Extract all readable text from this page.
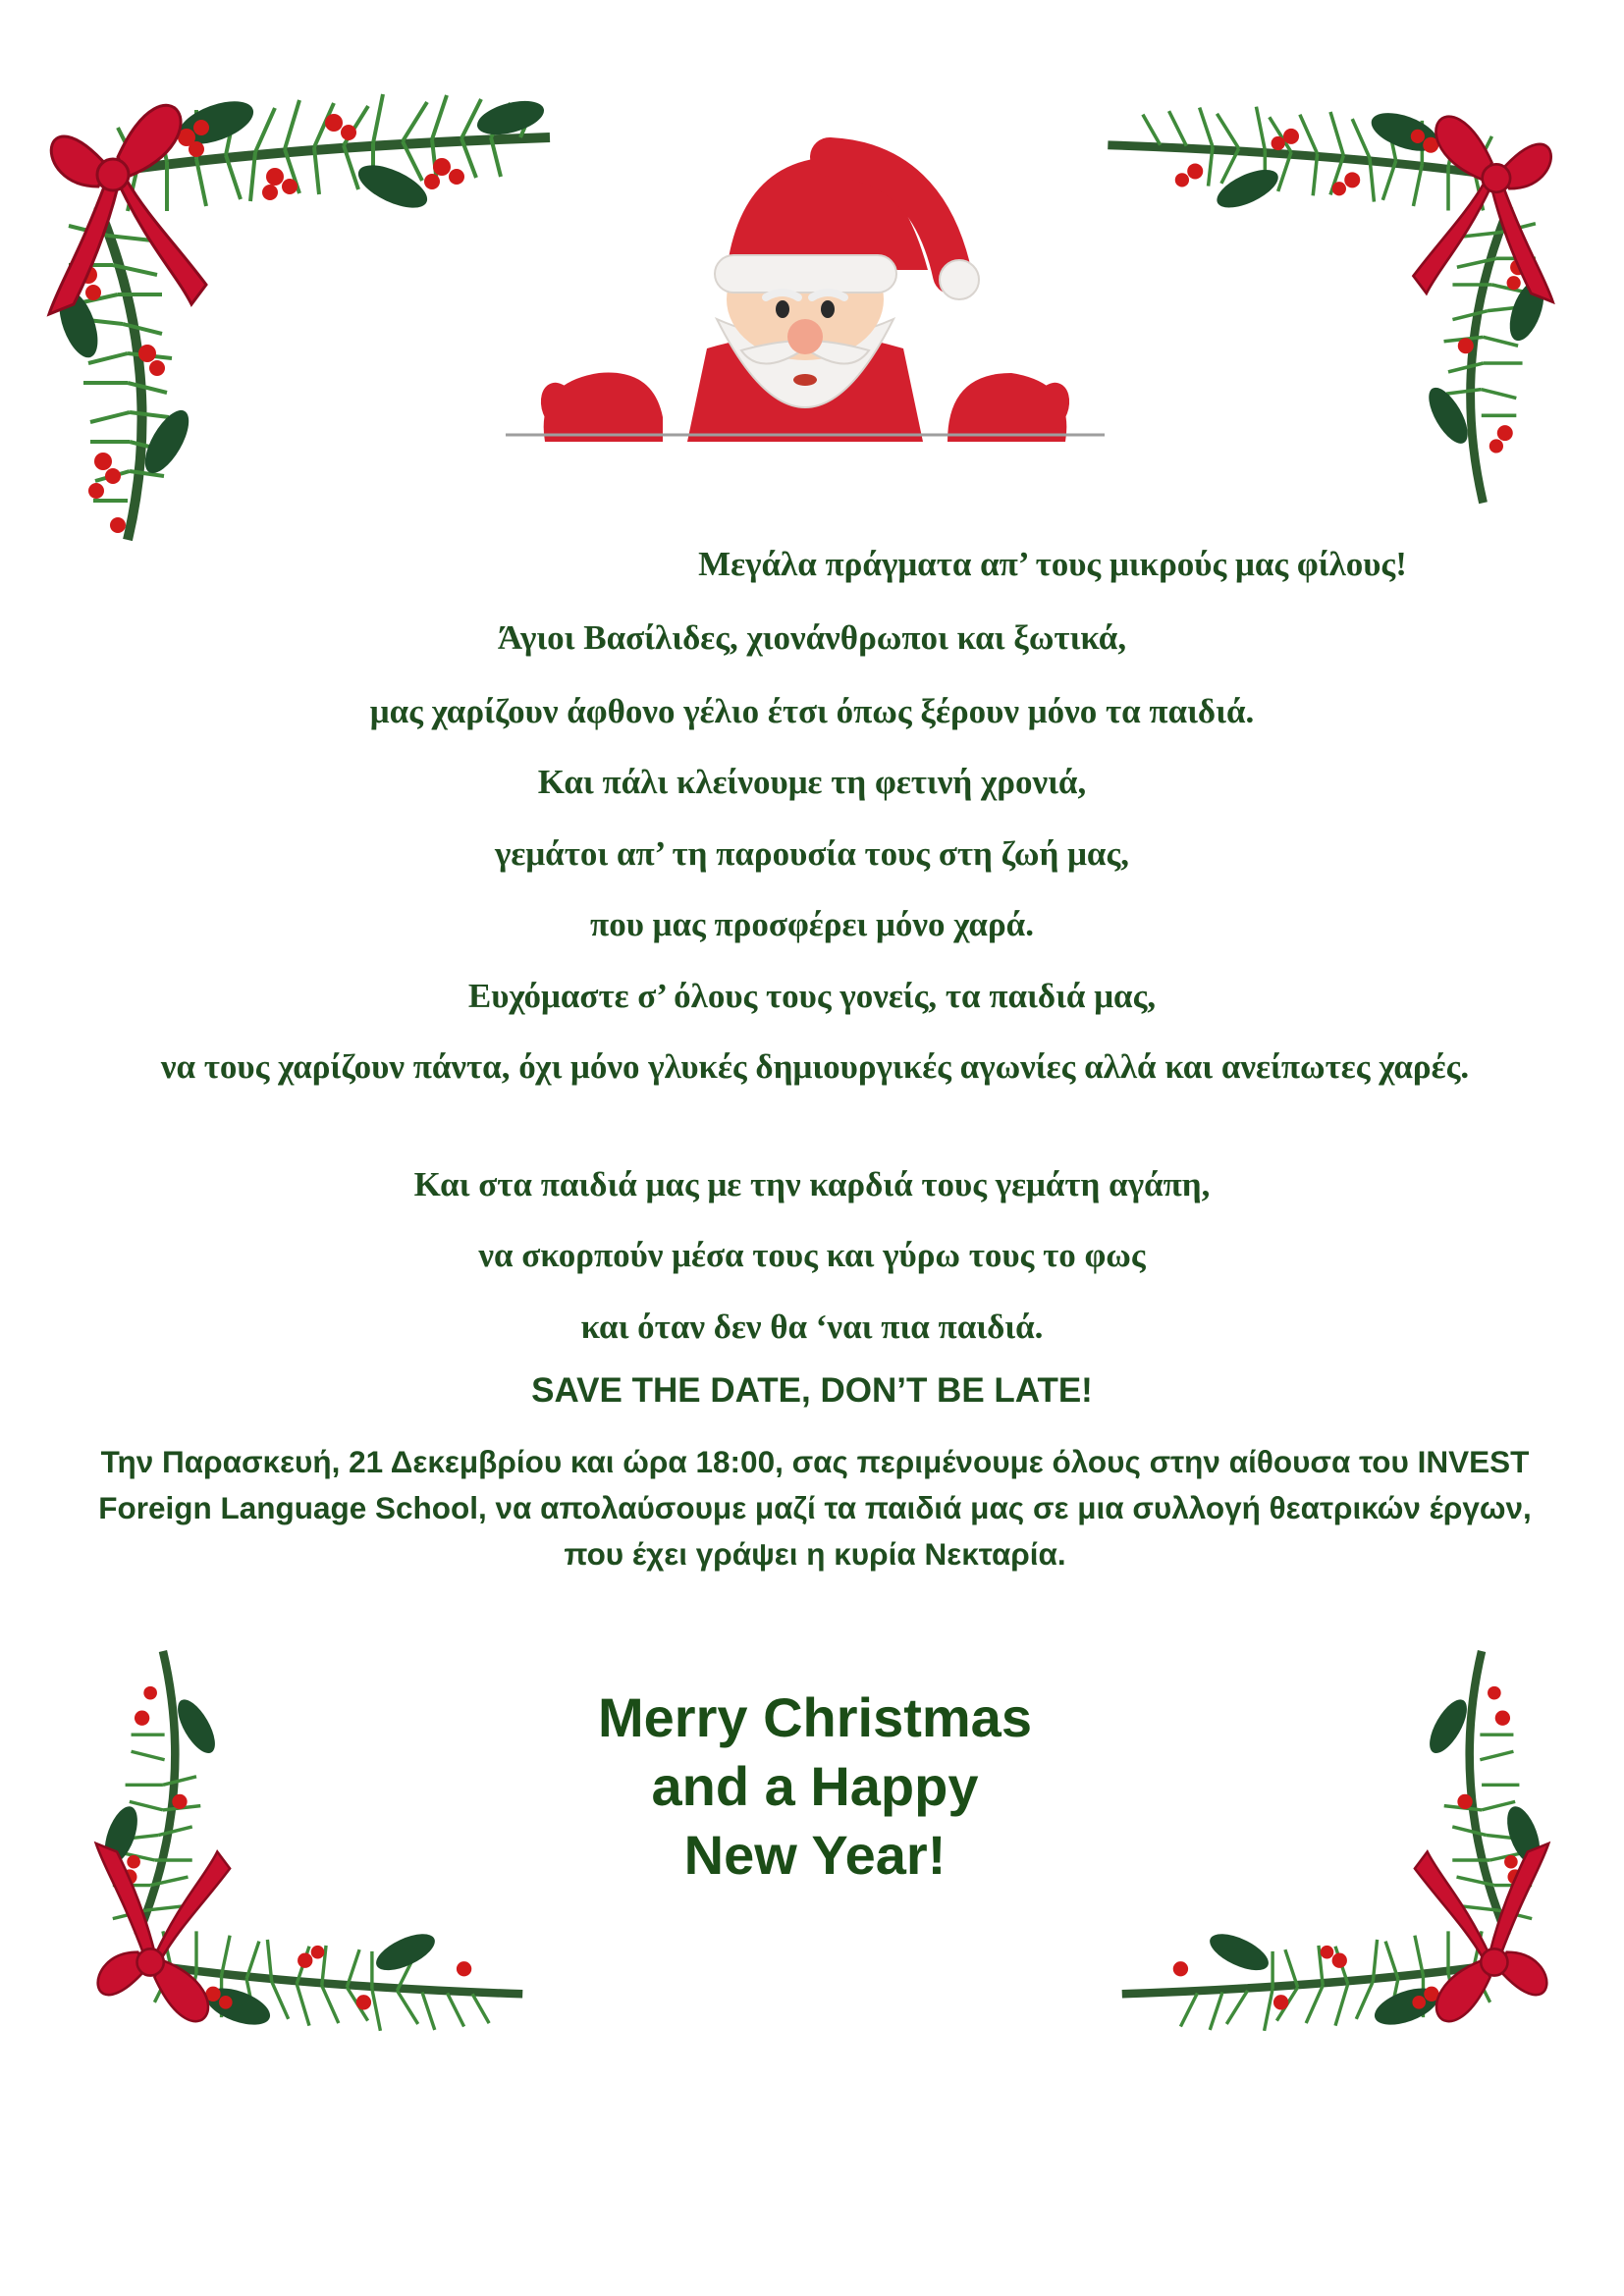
Μεγάλα πράγματα απ’ τους μικρούς μας φίλους!
Άγιοι Βασίλιδες, χιονάνθρωποι και ξωτικά,
μας χαρίζουν άφθονο γέλιο έτσι όπως ξέρουν μόνο τα παιδιά.
Και πάλι κλείνουμε τη φετινή χρονιά,
γεμάτοι απ’ τη παρουσία τους στη ζωή μας,
που μας προσφέρει μόνο χαρά.
Ευχόμαστε σ’ όλους τους γονείς, τα παιδιά μας,
να τους χαρίζουν πάντα, όχι μόνο γλυκές δημιουργικές αγωνίες αλλά και ανείπωτες χαρές.
Και στα παιδιά μας με την καρδιά τους γεμάτη αγάπη,
να σκορπούν μέσα τους και γύρω τους το φως
και όταν δεν θα ‘ναι πια παιδιά.
SAVE THE DATE, DON’T BE LATE!
Την Παρασκευή, 21 Δεκεμβρίου και ώρα 18:00, σας περιμένουμε όλους στην αίθουσα του INVEST Foreign Language School, να απολαύσουμε μαζί τα παιδιά μας σε μια συλλογή θεατρικών έργων, που έχει γράψει η κυρία Νεκταρία.
Merry Christmas and a Happy New Year!
